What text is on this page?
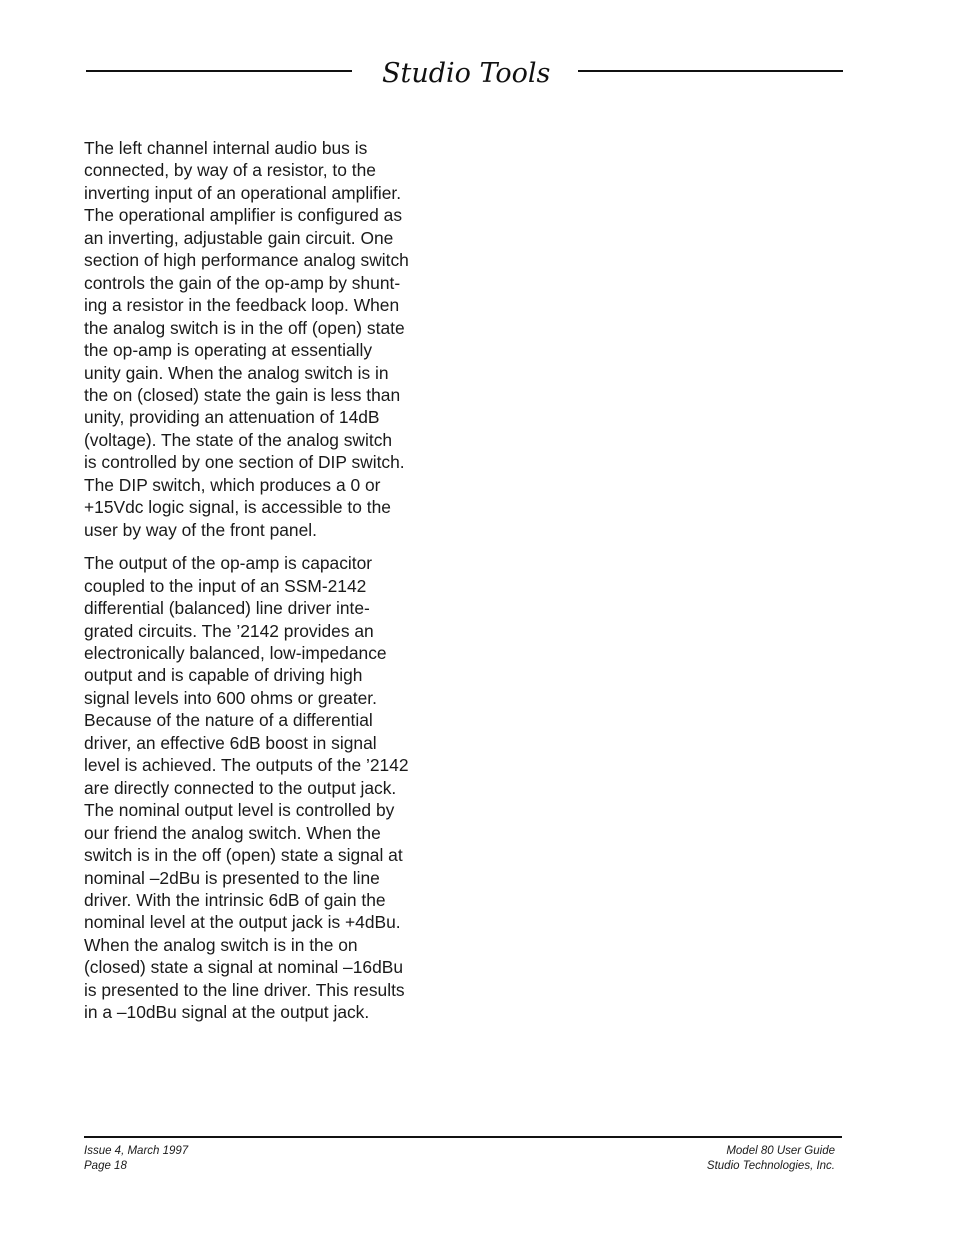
Studio Tools

The left channel internal audio bus is
connected, by way of a resistor, to the
inverting input of an operational amplifier.
The operational amplifier is configured as
an inverting, adjustable gain circuit. One
section of high performance analog switch
controls the gain of the op-amp by shunt-
ing a resistor in the feedback loop. When
the analog switch is in the off (open) state
the op-amp is operating at essentially
unity gain. When the analog switch is in
the on (closed) state the gain is less than
unity, providing an attenuation of 14dB
(voltage). The state of the analog switch
is controlled by one section of DIP switch.
The DIP switch, which produces a 0 or
+15Vdc logic signal, is accessible to the
user by way of the front panel.

The output of the op-amp is capacitor
coupled to the input of an SSM-2142
differential (balanced) line driver inte-
grated circuits. The ’2142 provides an
electronically balanced, low-impedance
output and is capable of driving high
signal levels into 600 ohms or greater.
Because of the nature of a differential
driver, an effective 6dB boost in signal
level is achieved. The outputs of the ’2142
are directly connected to the output jack.
The nominal output level is controlled by
our friend the analog switch. When the
switch is in the off (open) state a signal at
nominal –2dBu is presented to the line
driver. With the intrinsic 6dB of gain the
nominal level at the output jack is +4dBu.
When the analog switch is in the on
(closed) state a signal at nominal –16dBu
is presented to the line driver. This results
in a –10dBu signal at the output jack.

Issue 4, March 1997
Page 18
Model 80 User Guide
Studio Technologies, Inc.
